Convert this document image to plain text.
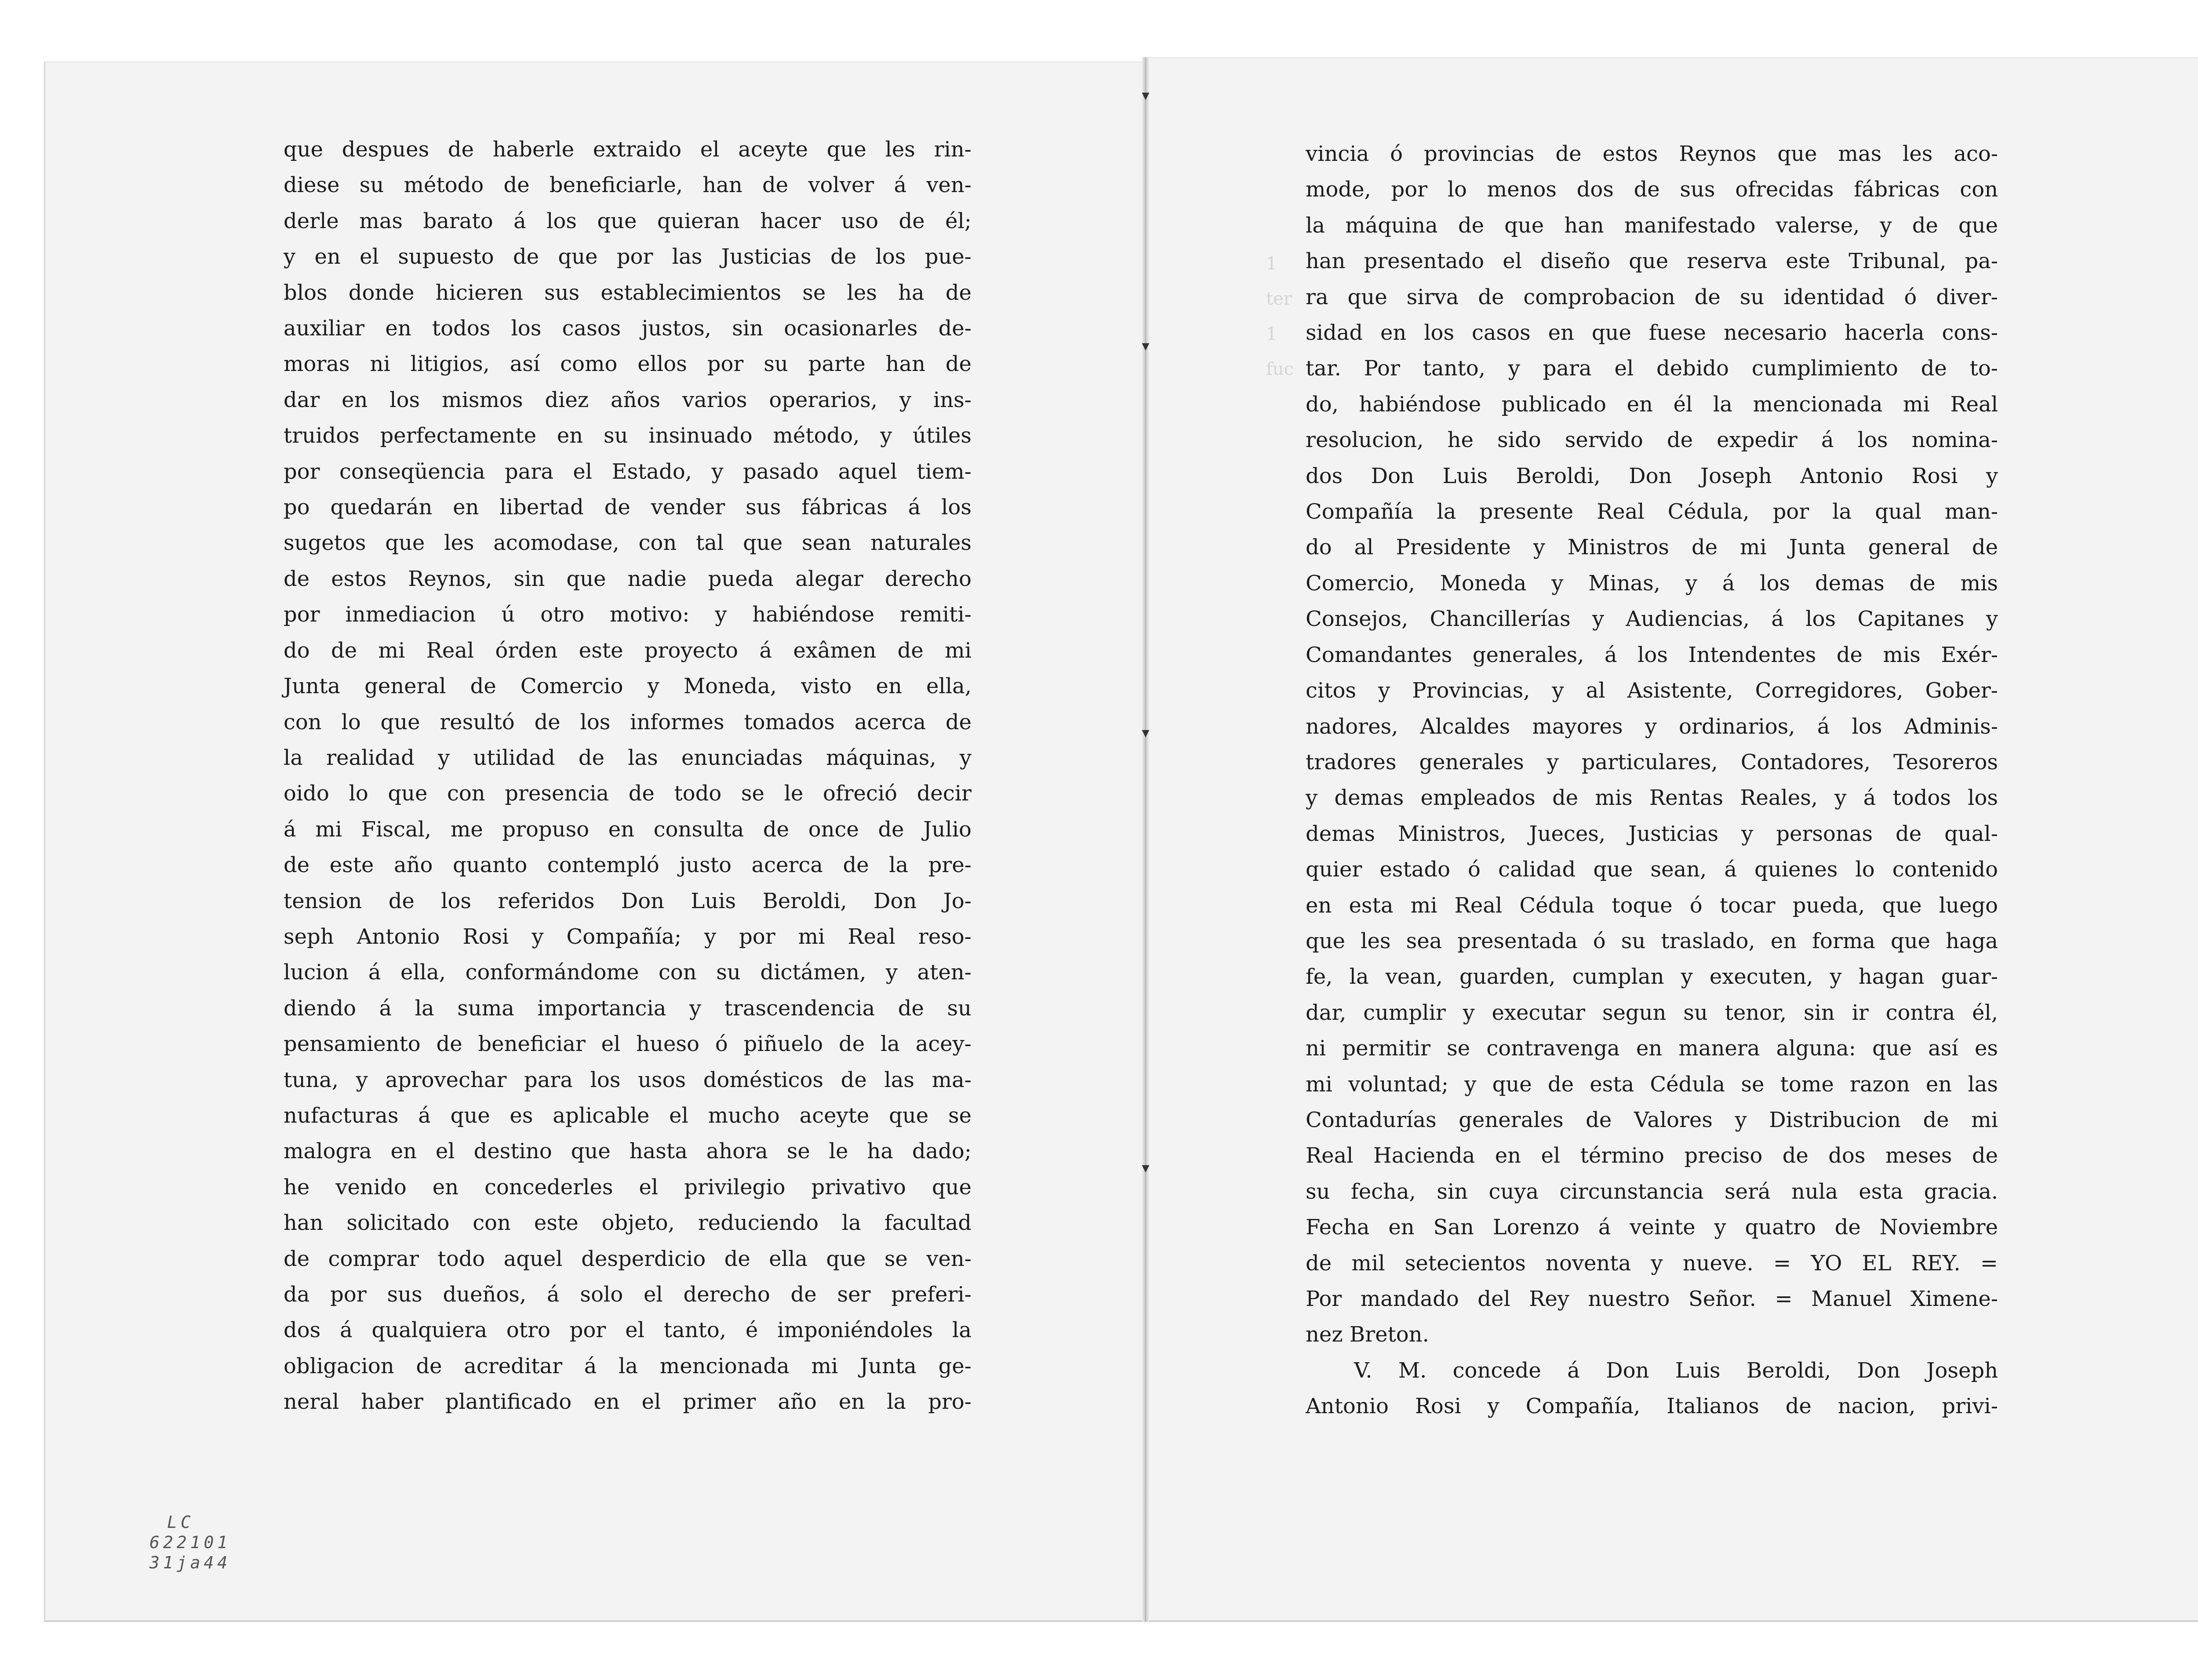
▾
▾
▾
▾
1
ter
1
fuc
que despues de haberle extraido el aceyte que les rin-
diese su método de beneficiarle, han de volver á ven-
derle mas barato á los que quieran hacer uso de él;
y en el supuesto de que por las Justicias de los pue-
blos donde hicieren sus establecimientos se les ha de
auxiliar en todos los casos justos, sin ocasionarles de-
moras ni litigios, así como ellos por su parte han de
dar en los mismos diez años varios operarios, y ins-
truidos perfectamente en su insinuado método, y útiles
por conseqüencia para el Estado, y pasado aquel tiem-
po quedarán en libertad de vender sus fábricas á los
sugetos que les acomodase, con tal que sean naturales
de estos Reynos, sin que nadie pueda alegar derecho
por inmediacion ú otro motivo: y habiéndose remiti-
do de mi Real órden este proyecto á exâmen de mi
Junta general de Comercio y Moneda, visto en ella,
con lo que resultó de los informes tomados acerca de
la realidad y utilidad de las enunciadas máquinas, y
oido lo que con presencia de todo se le ofreció decir
á mi Fiscal, me propuso en consulta de once de Julio
de este año quanto contempló justo acerca de la pre-
tension de los referidos Don Luis Beroldi, Don Jo-
seph Antonio Rosi y Compañía; y por mi Real reso-
lucion á ella, conformándome con su dictámen, y aten-
diendo á la suma importancia y trascendencia de su
pensamiento de beneficiar el hueso ó piñuelo de la acey-
tuna, y aprovechar para los usos domésticos de las ma-
nufacturas á que es aplicable el mucho aceyte que se
malogra en el destino que hasta ahora se le ha dado;
he venido en concederles el privilegio privativo que
han solicitado con este objeto, reduciendo la facultad
de comprar todo aquel desperdicio de ella que se ven-
da por sus dueños, á solo el derecho de ser preferi-
dos á qualquiera otro por el tanto, é imponiéndoles la
obligacion de acreditar á la mencionada mi Junta ge-
neral haber plantificado en el primer año en la pro-
vincia ó provincias de estos Reynos que mas les aco-
mode, por lo menos dos de sus ofrecidas fábricas con
la máquina de que han manifestado valerse, y de que
han presentado el diseño que reserva este Tribunal, pa-
ra que sirva de comprobacion de su identidad ó diver-
sidad en los casos en que fuese necesario hacerla cons-
tar. Por tanto, y para el debido cumplimiento de to-
do, habiéndose publicado en él la mencionada mi Real
resolucion, he sido servido de expedir á los nomina-
dos Don Luis Beroldi, Don Joseph Antonio Rosi y
Compañía la presente Real Cédula, por la qual man-
do al Presidente y Ministros de mi Junta general de
Comercio, Moneda y Minas, y á los demas de mis
Consejos, Chancillerías y Audiencias, á los Capitanes y
Comandantes generales, á los Intendentes de mis Exér-
citos y Provincias, y al Asistente, Corregidores, Gober-
nadores, Alcaldes mayores y ordinarios, á los Adminis-
tradores generales y particulares, Contadores, Tesoreros
y demas empleados de mis Rentas Reales, y á todos los
demas Ministros, Jueces, Justicias y personas de qual-
quier estado ó calidad que sean, á quienes lo contenido
en esta mi Real Cédula toque ó tocar pueda, que luego
que les sea presentada ó su traslado, en forma que haga
fe, la vean, guarden, cumplan y executen, y hagan guar-
dar, cumplir y executar segun su tenor, sin ir contra él,
ni permitir se contravenga en manera alguna: que así es
mi voluntad; y que de esta Cédula se tome razon en las
Contadurías generales de Valores y Distribucion de mi
Real Hacienda en el término preciso de dos meses de
su fecha, sin cuya circunstancia será nula esta gracia.
Fecha en San Lorenzo á veinte y quatro de Noviembre
de mil setecientos noventa y nueve. = YO EL REY. =
Por mandado del Rey nuestro Señor. = Manuel Ximene-
nez Breton.
V. M. concede á Don Luis Beroldi, Don Joseph
Antonio Rosi y Compañía, Italianos de nacion, privi-
LC
622101
31ja44
